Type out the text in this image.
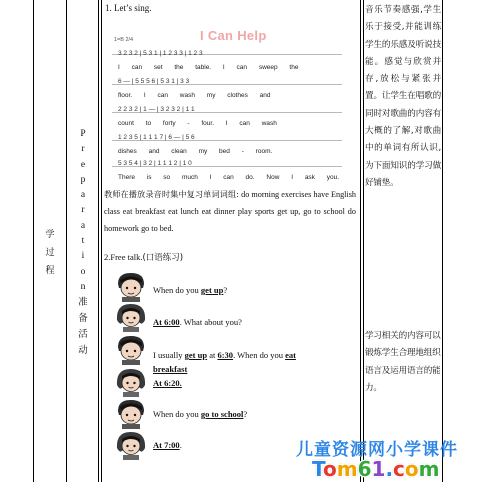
学
过
程
P
r
e
p
a
r
a
t
i
o
n
准
备
活
动
1. Let’s sing.
I Can Help
1=B 2/4
3 2 3 2 | 5 3 1 | 1 2 3 3 | 1 2 3
I can set the table. I can sweep the
6 — | 5 5 5 6 | 5 3 1 | 3 3
floor. I can wash my clothes and
2 2 3 2 | 1 — | 3 2 3 2 | 1 1
count to forty - four. I can wash
1 2 3 5 | 1 1 1 7 | 6 — | 5 6
dishes and clean my bed - room.
5 3 5 4 | 3 2 | 1 1 1 2 | 1 0
There is so much I can do. Now I ask you.
教师在播放录音时集中复习单词词组: do morning exercises have English class eat breakfast eat lunch eat dinner play sports get up, go to school do homework go to bed.
2.Free talk.(口语练习)
When do you get up?
At 6:00. What about you?
I usually get up at 6:30. When do you eat
breakfast
At 6:20.
When do you go to school?
At 7:00.
音乐节奏感强,学生乐于接受,并能训练学生的乐感及听说技能。感觉与欣赏并存,放松与紧张并置。让学生在唱歌的同时对歌曲的内容有大概的了解,对歌曲中的单词有所认识,为下面知识的学习做好铺垫。
学习相关的内容可以锻炼学生合理地组织语言及运用语言的能力。
儿童资源网小学课件
Tom61.com
